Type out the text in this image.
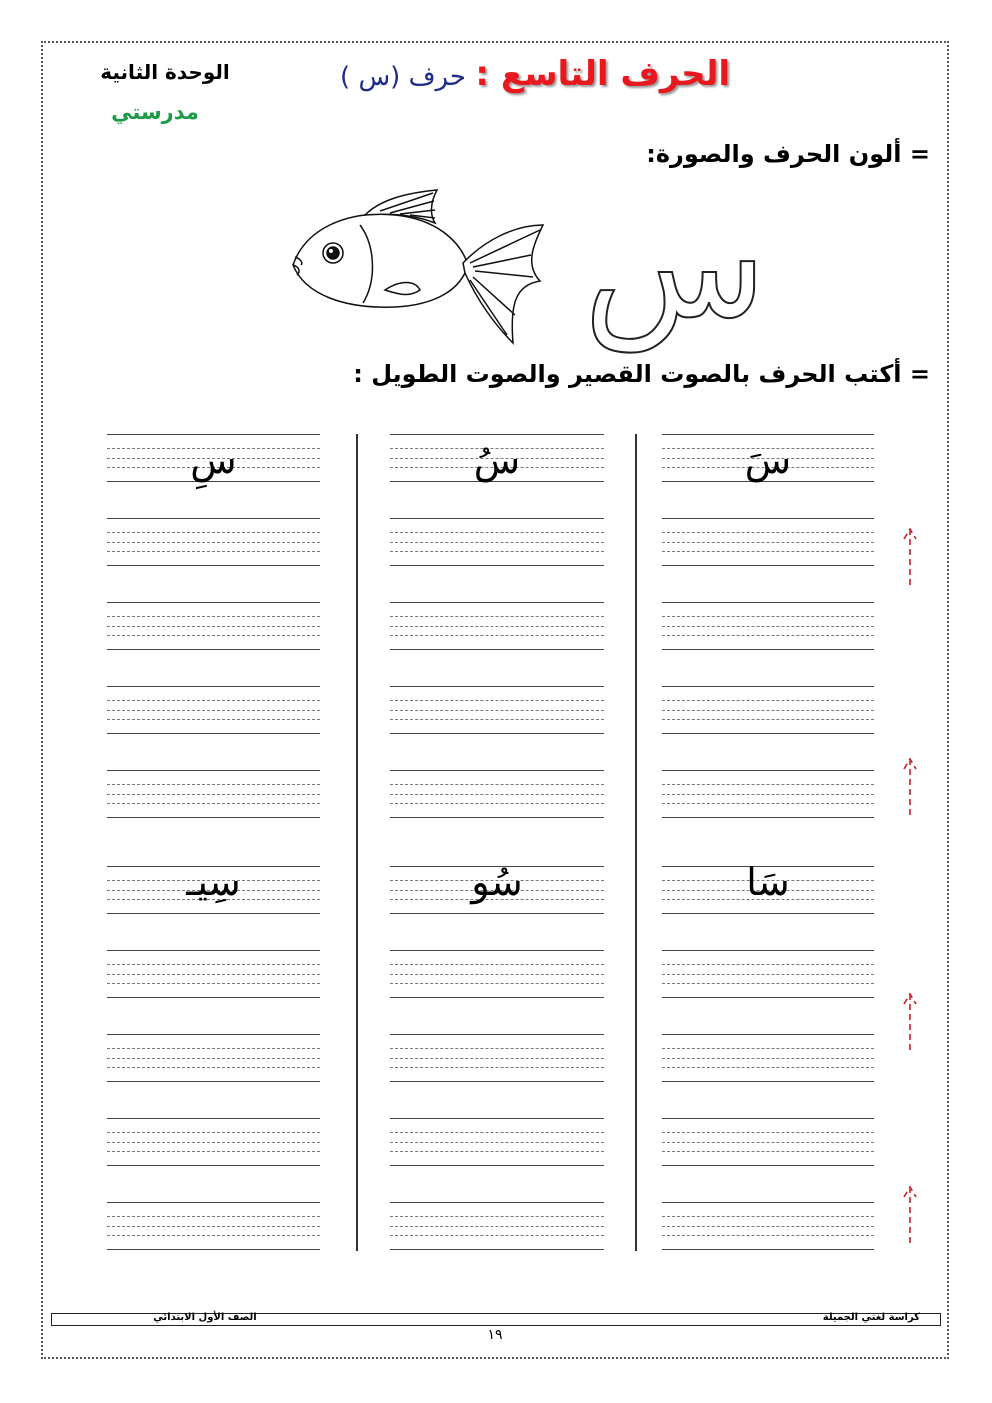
الحرف التاسع :
حرف (س )
الوحدة الثانية
مدرستي
= ألون الحرف والصورة:
س
= أكتب الحرف بالصوت القصير والصوت الطويل :
سَ
سَا
سُ
سُو
سِ
سِيـ
كراسة لغتي الجميلة
الصف الأول الابتدائي
١٩
